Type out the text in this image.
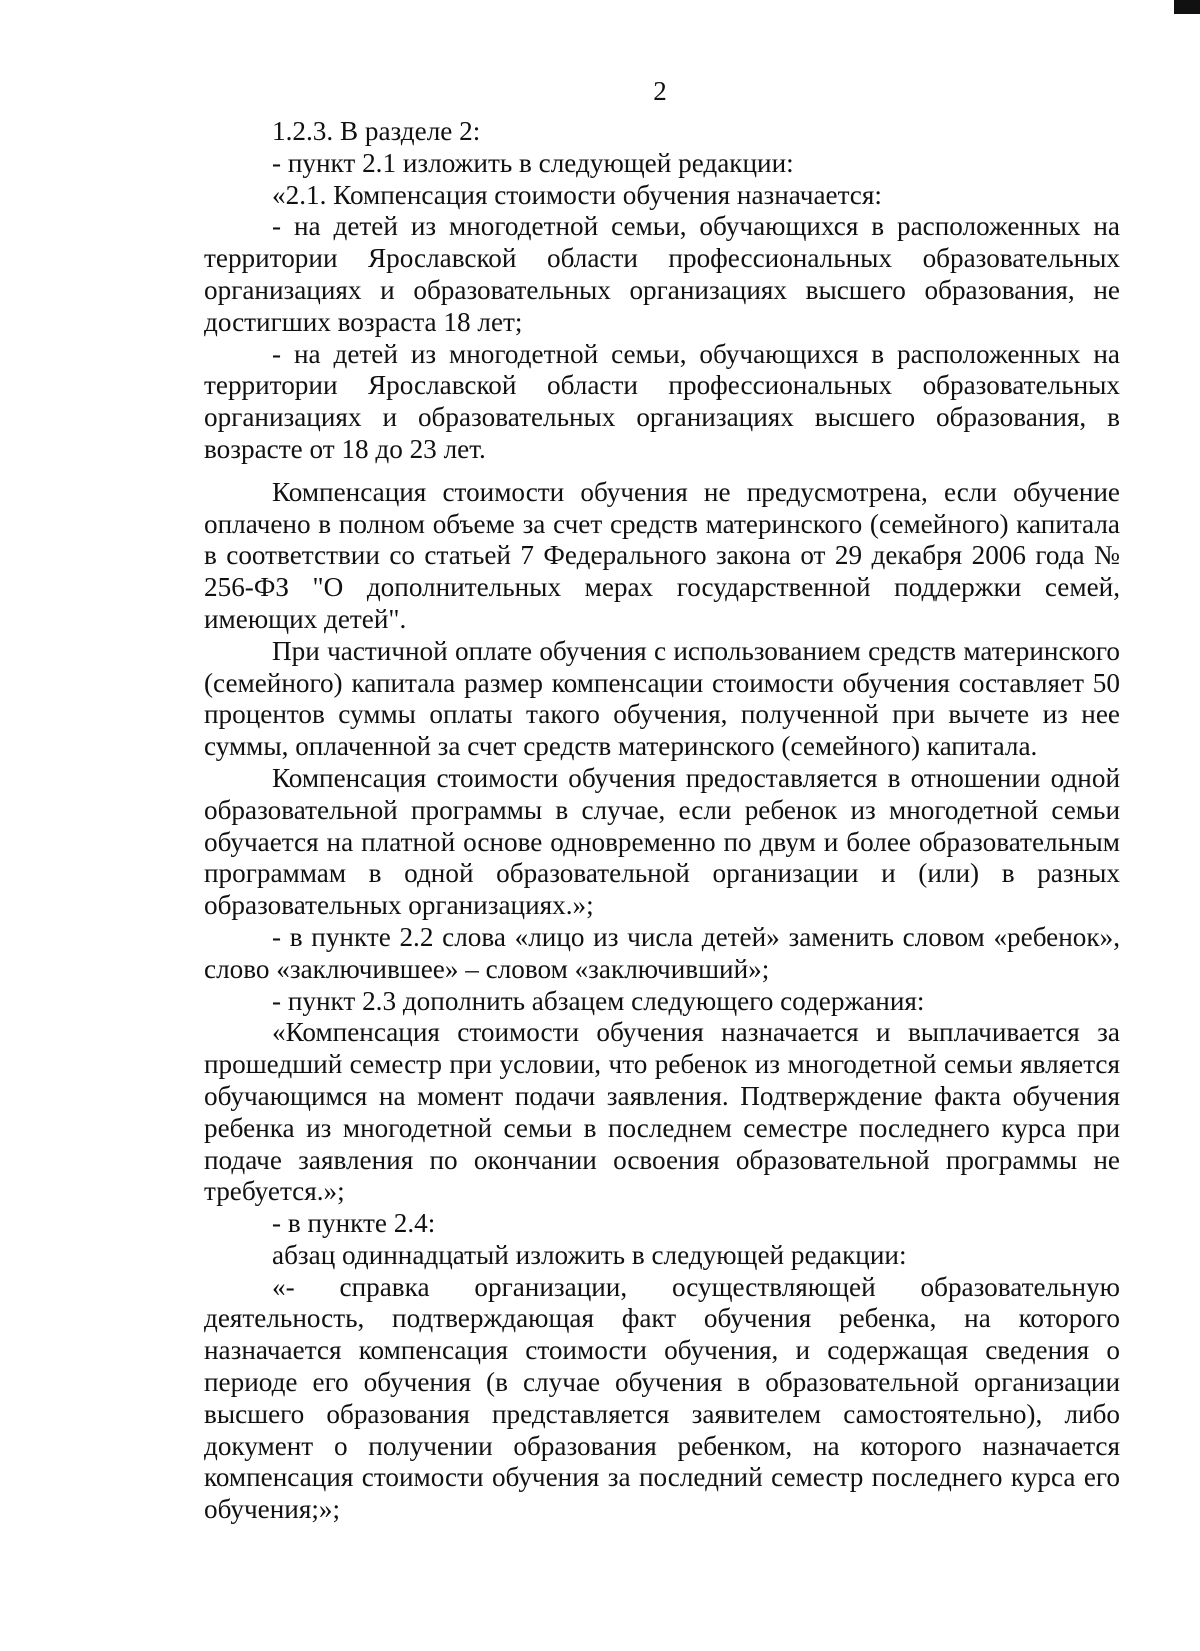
2

1.2.3. В разделе 2:

- пункт 2.1 изложить в следующей редакции:

«2.1. Компенсация стоимости обучения назначается:

- на детей из многодетной семьи, обучающихся в расположенных на территории Ярославской области профессиональных образовательных организациях и образовательных организациях высшего образования, не достигших возраста 18 лет;

- на детей из многодетной семьи, обучающихся в расположенных на территории Ярославской области профессиональных образовательных организациях и образовательных организациях высшего образования, в возрасте от 18 до 23 лет.

Компенсация стоимости обучения не предусмотрена, если обучение оплачено в полном объеме за счет средств материнского (семейного) капитала в соответствии со статьей 7 Федерального закона от 29 декабря 2006 года № 256-ФЗ "О дополнительных мерах государственной поддержки семей, имеющих детей".

При частичной оплате обучения с использованием средств материнского (семейного) капитала размер компенсации стоимости обучения составляет 50 процентов суммы оплаты такого обучения, полученной при вычете из нее суммы, оплаченной за счет средств материнского (семейного) капитала.

Компенсация стоимости обучения предоставляется в отношении одной образовательной программы в случае, если ребенок из многодетной семьи обучается на платной основе одновременно по двум и более образовательным программам в одной образовательной организации и (или) в разных образовательных организациях.»;

- в пункте 2.2 слова «лицо из числа детей» заменить словом «ребенок», слово «заключившее» – словом «заключивший»;

- пункт 2.3 дополнить абзацем следующего содержания:

«Компенсация стоимости обучения назначается и выплачивается за прошедший семестр при условии, что ребенок из многодетной семьи является обучающимся на момент подачи заявления. Подтверждение факта обучения ребенка из многодетной семьи в последнем семестре последнего курса при подаче заявления по окончании освоения образовательной программы не требуется.»;

- в пункте 2.4:

абзац одиннадцатый изложить в следующей редакции:

«- справка организации, осуществляющей образовательную деятельность, подтверждающая факт обучения ребенка, на которого назначается компенсация стоимости обучения, и содержащая сведения о периоде его обучения (в случае обучения в образовательной организации высшего образования представляется заявителем самостоятельно), либо документ о получении образования ребенком, на которого назначается компенсация стоимости обучения за последний семестр последнего курса его обучения;»;
